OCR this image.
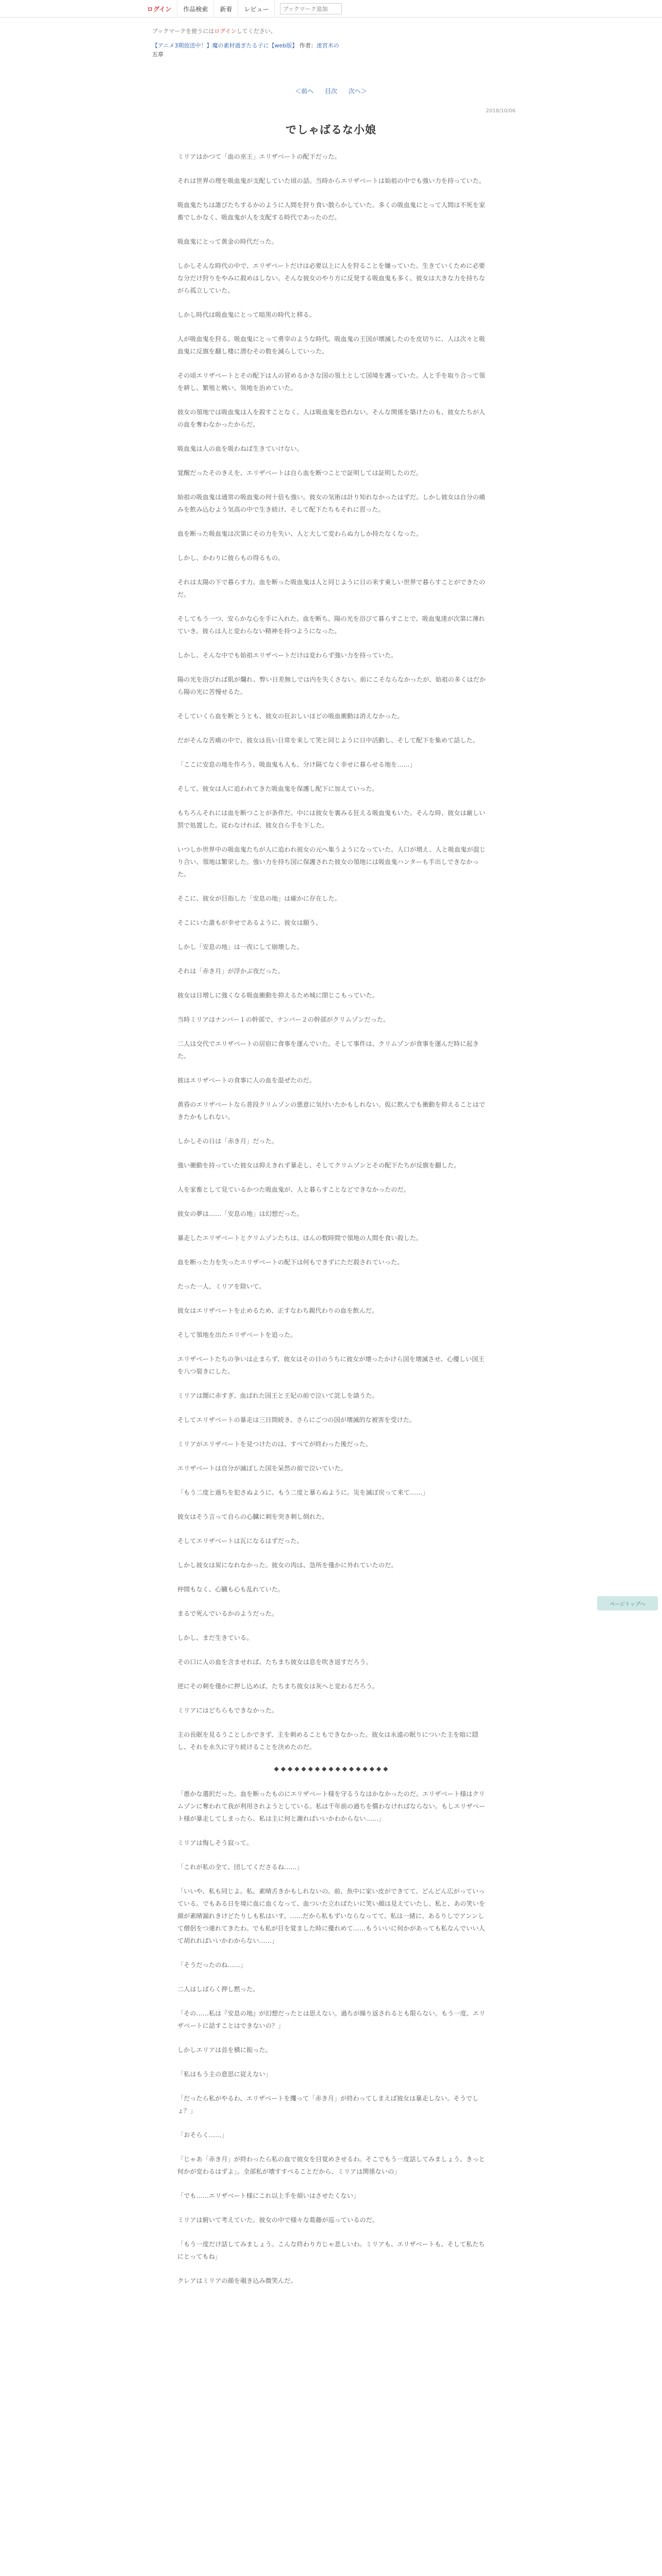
ログイン	作品検索	新着	レビュー
ブックマーク追加
ブックマークを使うにはログインしてください。
【アニメ3期放送中！】魔の素材過ぎたる子に【web版】 作者：迷宮木の
五章
＜前へ 目次 次へ＞
2018/10/06
でしゃばるな小娘

ミリアはかつて「血の巫王」エリザベートの配下だった。

それは世界の理を吸血鬼が支配していた頃の話。当時からエリザベートは始祖の中でも強い力を持っていた。

吸血鬼たちは誰びたちするかのように人間を狩り食い散らかしていた。多くの吸血鬼にとって人間は不死を家畜でしかなく、吸血鬼が人を支配する時代であったのだ。

吸血鬼にとって黄金の時代だった。

しかしそんな時代の中で、エリザベートだけは必要以上に人を狩ることを嫌っていた。生きていくために必要な分だけ狩りをやみに殺めはしない。そんな彼女のやり方に反発する吸血鬼も多く、彼女は大きな力を持ちながら孤立していた。

しかし時代は吸血鬼にとって暗黒の時代と移る。

人が吸血鬼を狩る。吸血鬼にとって勇宰のような時代。吸血鬼の王国が壊滅したのを皮切りに、人は次々と吸血鬼に反旗を翻し棲に潜むその数を減らしていった。

その頃エリザベートとその配下は人の冒めるかさな国の領土として国境を護っていた。人と手を取り合って領を耕し、繁殖と戦い、领地を治めていた。

彼女の領地では吸血鬼は人を殺すことなく、人は吸血鬼を恐れない。そんな関係を築けたのも、彼女たちが人の血を奪わなかったからだ。

吸血鬼は人の血を吸わねば生きていけない。

覚醒だったそのきえを、エリザベートは自ら血を断つことで証明しては証明したのだ。

始祖の吸血鬼は通常の吸血鬼の何十倍も強い。彼女の気術は計り知れなかったはずだ。しかし彼女は自分の痛みを飲み込むよう気高の中で生き続け、そして配下たちもそれに習った。

血を断った吸血鬼は次第にその力を失い、人と大して変わらぬ力しか持たなくなった。

しかし、かわりに彼らもの得るもの。

それは太陽の下で暮らす力。血を断った吸血鬼は人と同じように日の来す東しい世界で暮らすことができたのだ。

そしてもう一つ、安らかな心を手に入れた。血を断ち、陽の光を浴びて暮らすことで、吸血鬼達が次第に薄れていき。彼らは人と変わらない精神を持つようになった。

しかし、そんな中でも始祖エリザベートだけは変わらず強い力を持っていた。

陽の光を浴びれば肌が爛れ、弊い日差無しでは内を失くさない。前にこそならなかったが、始祖の多くはだから陽の光に苦慢せるた。

そしていくら血を断とうとも、彼女の狂おしいほどの吸血衝動は消えなかった。

だがそんな苦痛の中で、彼女は長い日常を来して笑と同じように日中活動し、そして配下を集めて話した。

「ここに安息の地を作ろう。吸血鬼も人も、分け隔てなく幸せに暮らせる地を……」

そして、彼女は人に追われてきた吸血鬼を保護し配下に加えていった。

もちろんそれには血を断つことが条件だ。中には彼女を裏みる狂える吸血鬼もいた。そんな時、彼女は厳しい罰で処置した。従わなければ、彼女自ら手を下した。

いつしか世界中の吸血鬼たちが人に追われ彼女の元へ集うようになっていた。人口が増え、人と吸血鬼が混じり合い、領地は繁栄した。強い力を持ち国に保護された彼女の領地には吸血鬼ハンターも手出しできなかった。

そこに、彼女が目指した「安息の地」は確かに存在した。

そこにいた誰もが幸せであるように、彼女は願う。

しかし「安息の地」は一夜にして崩壊した。

それは「赤き月」が浮かぶ夜だった。

彼女は日増しに強くなる吸血衝動を抑えるため城に閉じこもっていた。

当時ミリアはナンバー１の幹部で、ナンバー２の幹部がクリムゾンだった。

二人は交代でエリザベートの居宿に食事を運んでいた。そして事件は、クリムゾンが食事を運んだ時に起きた。

彼はエリザベートの食事に人の血を混ぜたのだ。

黄昏のエリザベートなら普段クリムゾンの悪意に気付いたかもしれない。仮に飲んでも衝動を抑えることはできたかもしれない。

しかしその日は「赤き月」だった。

強い衝動を持っていた彼女は抑えきれず暴走し、そしてクリムゾンとその配下たちが反旗を翻した。

人を家畜として見ているかつた吸血鬼が、人と暮らすことなどできなかったのだ。

彼女の夢は……「安息の地」は幻想だった。

暴走したエリザベートとクリムゾンたちは、ほんの数時間で領地の人間を食い殺した。

血を断った力を失ったエリザベートの配下は何もできずにただ殺されていった。

たった一人、ミリアを除いて。

彼女はエリザベートを止めるため、正すなわち親代わりの血を飲んだ。

そして領地を出たエリザベートを追った。

エリザベートたちの争いは止まらず、彼女はその日のうちに彼女が壊ったかけら国を壊滅させ、心優しい国王を八つ裂きにした。

ミリアは闇に赤すぎ、血ばれた国王と王妃の前で泣いて詫しを請うた。

そしてエリザベートの暴走は三日間続き、さらにごつの国が壊滅的な被害を受けた。

ミリアがエリザベートを見つけたのは、すべてが終わった後だった。

エリザベートは自分が滅ぼした国を呆然の前で泣いていた。

「もう二度と過ちを犯さぬように、もう二度と暴らぬように。災を滅ぼ戻って来て……」

彼女はそう言って自らの心臓に刺を突き刺し倒れた。

そしてエリザベートは瓦になるはずだった。

しかし彼女は炭になれなかった。彼女の肉は、急所を僅かに外れていたのだ。

仲間もなく、心臓も心も乱れていた。

まるで死んでいるかのようだった。

しかし、まだ生きている。

その口に人の血を含ませれば、たちまち彼女は息を吹き返すだろう。

逆にその刺を僅かに押し込めば、たちまち彼女は灰へと変わるだろう。

ミリアにはどちらもできなかった。

主の長眠を見るうことしかできず、主を刺めることもできなかった。彼女は永遠の眠りについた主を暗に隠し、それを永久に守り続けることを決めたのだ。

◆◆◆◆◆◆◆◆◆◆◆◆◆◆◆◆◆

「愚かな選択だった。血を断ったものにエリザベート様を守るうなはかなかったのだ。エリザベート様はクリムゾンに奪われて我が利用されようとしている。私は千年前の過ちを償わなければならない。もしエリザベート様が暴走してしまったら、私は主に何と謝ればいいかわからない……」

ミリアは悔しそう寂って。

「これが私の全て、団してくださるね……」

「いいや、私も同じよ。私、素晴舌きかもしれないの。前、魚中に家い皮ができてて、どんどん広がっていっている。でもある日を境に血に血くなって、血ついた立ればたいに笑い顔は見えていたし、私と、あの笑いを顔が素晴漏れきけどたりしも私はいす。……だから私もずいならなってて、私は一緒に、あるりしでアンンして僧侶をつ連れてきたわ。でも私が目を覚ました時に優れめて……もういいに何かがあっても私なんでいい人て胡れればいいかわからない……」

「そうだったのね……」

二人はしばらく押し黙った。

「その……私は『安息の地』が幻想だったとは思えない。過ちが繰り返されるとも限らない。もう一度、エリザベートに話すことはできないの？」

しかしエリアは首を横に振った。

「私はもう主の意思に従えない」

「だったら私がやるわ、エリザベートを攫って「赤き月」が終わってしまえば彼女は暴走しない。そうでしょ？」

「おそらく……」

「じゃあ「赤き月」が終わったら私の血で彼女を目覚めさせるわ。そこでもう一度話してみましょう、きっと何かが変わるはずよ」。全部私が壊すすべることだから、ミリアは関係ないの」

「でも……エリザベート様にこれ以上手を煩いはさせたくない」

ミリアは俯いて考えていた。彼女の中で様々な葛藤が巡っているのだ。

「もう一度だけ話してみましょう。こんな終わり方じゃ悲しいわ。ミリアも、エリザベートも、そして私たちにとってもね」

クレアはミリアの顔を覗き込み微笑んだ。

ページトップへ
